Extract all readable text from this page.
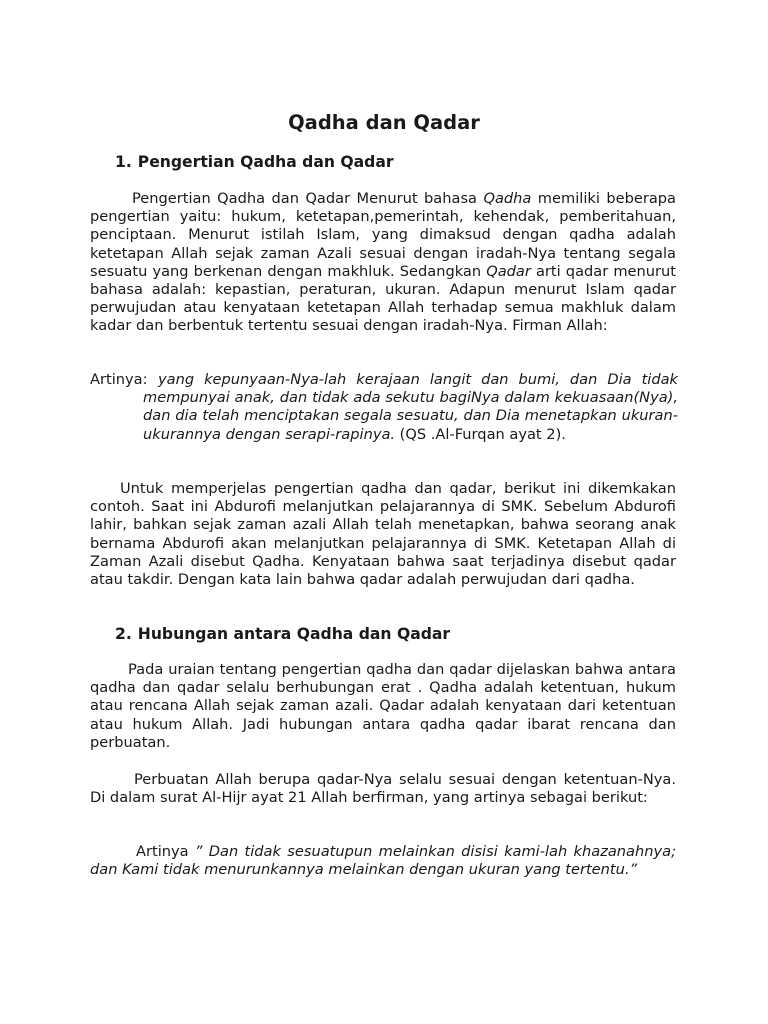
Qadha dan Qadar
1. Pengertian Qadha dan Qadar
Pengertian Qadha dan Qadar Menurut bahasa Qadha memiliki beberapa pengertian yaitu: hukum, ketetapan,pemerintah, kehendak, pemberitahuan, penciptaan. Menurut istilah Islam, yang dimaksud dengan qadha adalah ketetapan Allah sejak zaman Azali sesuai dengan iradah-Nya tentang segala sesuatu yang berkenan dengan makhluk. Sedangkan Qadar arti qadar menurut bahasa adalah: kepastian, peraturan, ukuran. Adapun menurut Islam qadar perwujudan atau kenyataan ketetapan Allah terhadap semua makhluk dalam kadar dan berbentuk tertentu sesuai dengan iradah-Nya. Firman Allah:
Artinya: yang kepunyaan-Nya-lah kerajaan langit dan bumi, dan Dia tidak mempunyai anak, dan tidak ada sekutu bagiNya dalam kekuasaan(Nya), dan dia telah menciptakan segala sesuatu, dan Dia menetapkan ukuran-ukurannya dengan serapi-rapinya. (QS .Al-Furqan ayat 2).
Untuk memperjelas pengertian qadha dan qadar, berikut ini dikemkakan contoh. Saat ini Abdurofi melanjutkan pelajarannya di SMK. Sebelum Abdurofi lahir, bahkan sejak zaman azali Allah telah menetapkan, bahwa seorang anak bernama Abdurofi akan melanjutkan pelajarannya di SMK. Ketetapan Allah di Zaman Azali disebut Qadha. Kenyataan bahwa saat terjadinya disebut qadar atau takdir. Dengan kata lain bahwa qadar adalah perwujudan dari qadha.
2. Hubungan antara Qadha dan Qadar
Pada uraian tentang pengertian qadha dan qadar dijelaskan bahwa antara qadha dan qadar selalu berhubungan erat . Qadha adalah ketentuan, hukum atau rencana Allah sejak zaman azali. Qadar adalah kenyataan dari ketentuan atau hukum Allah. Jadi hubungan antara qadha qadar ibarat rencana dan perbuatan.
Perbuatan Allah berupa qadar-Nya selalu sesuai dengan ketentuan-Nya. Di dalam surat Al-Hijr ayat 21 Allah berfirman, yang artinya sebagai berikut:
Artinya ” Dan tidak sesuatupun melainkan disisi kami-lah khazanahnya; dan Kami tidak menurunkannya melainkan dengan ukuran yang tertentu.”
